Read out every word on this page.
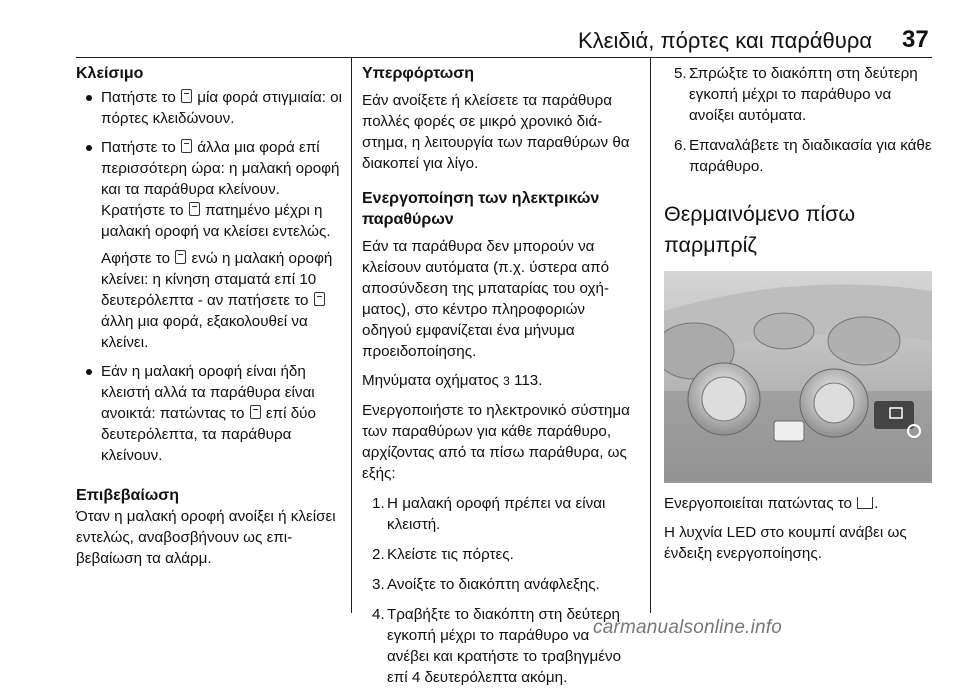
Κλειδιά, πόρτες και παράθυρα 37
Κλείσιμο
Πατήστε το μία φορά στιγμιαία: οι πόρτες κλειδώνουν.
Πατήστε το άλλα μια φορά επί περισσότερη ώρα: η μαλακή οροφή και τα παράθυρα κλείνουν. Κρατήστε το πατημένο μέχρι η μαλακή οροφή να κλείσει εντελώς.

Αφήστε το ενώ η μαλακή οροφή κλείνει: η κίνηση σταματά επί 10 δευτερόλεπτα - αν πατήσετε το  άλλη μια φορά, εξακολουθεί να κλείνει.

Εάν η μαλακή οροφή είναι ήδη κλειστή αλλά τα παράθυρα είναι ανοικτά: πατώντας το επί δύο δευτερόλεπτα, τα παράθυρα κλείνουν.
Επιβεβαίωση

Όταν η μαλακή οροφή ανοίξει ή κλείσει εντελώς, αναβοσβήνουν ως επιβεβαίωση τα αλάρμ.

Υπερφόρτωση

Εάν ανοίξετε ή κλείσετε τα παράθυρα πολλές φορές σε μικρό χρονικό διάστημα, η λειτουργία των παραθύρων θα διακοπεί για λίγο.

Ενεργοποίηση των ηλεκτρικών παραθύρων

Εάν τα παράθυρα δεν μπορούν να κλείσουν αυτόματα (π.χ. ύστερα από αποσύνδεση της μπαταρίας του οχήματος), στο κέντρο πληροφοριών οδηγού εμφανίζεται ένα μήνυμα προειδοποίησης.

Μηνύματα οχήματος 3 113.

Ενεργοποιήστε το ηλεκτρονικό σύστημα των παραθύρων για κάθε παράθυρο, αρχίζοντας από τα πίσω παράθυρα, ως εξής:

1. Η μαλακή οροφή πρέπει να είναι κλειστή.
2. Κλείστε τις πόρτες.
3. Ανοίξτε το διακόπτη ανάφλεξης.
4. Τραβήξτε το διακόπτη στη δεύτερη εγκοπή μέχρι το παράθυρο να ανέβει και κρατήστε το τραβηγμένο επί 4 δευτερόλεπτα ακόμη.
5. Σπρώξτε το διακόπτη στη δεύτερη εγκοπή μέχρι το παράθυρο να ανοίξει αυτόματα.
6. Επαναλάβετε τη διαδικασία για κάθε παράθυρο.
Θερμαινόμενο πίσω παρμπρίζ

Ενεργοποιείται πατώντας το .

Η λυχνία LED στο κουμπί ανάβει ως ένδειξη ενεργοποίησης.

carmanualsonline.info
